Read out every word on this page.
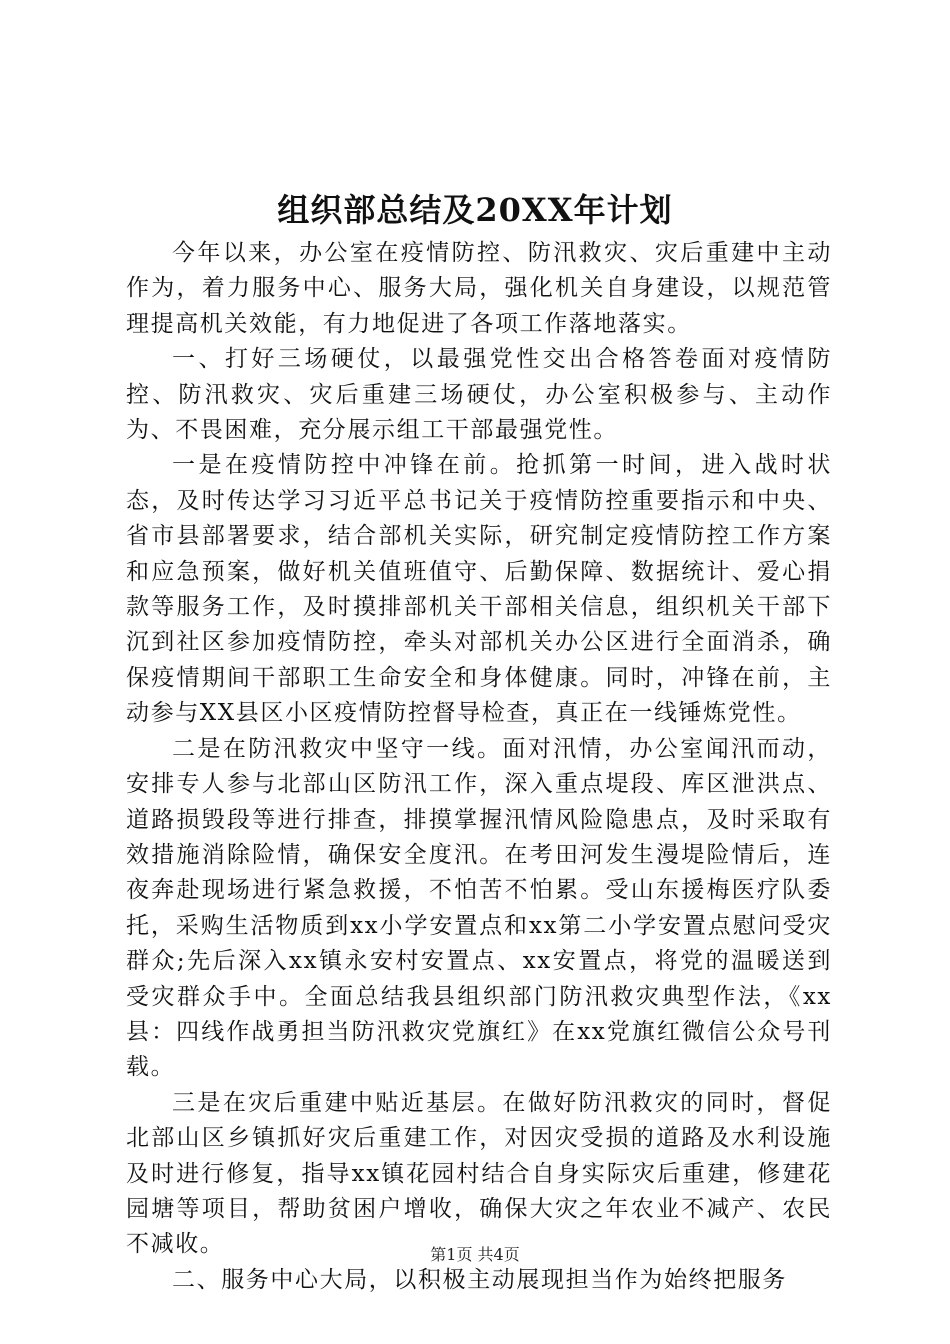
组织部总结及20XX年计划

今年以来，办公室在疫情防控、防汛救灾、灾后重建中主动作为，着力服务中心、服务大局，强化机关自身建设，以规范管理提高机关效能，有力地促进了各项工作落地落实。

一、打好三场硬仗，以最强党性交出合格答卷面对疫情防控、防汛救灾、灾后重建三场硬仗，办公室积极参与、主动作为、不畏困难，充分展示组工干部最强党性。

一是在疫情防控中冲锋在前。抢抓第一时间，进入战时状态，及时传达学习习近平总书记关于疫情防控重要指示和中央、省市县部署要求，结合部机关实际，研究制定疫情防控工作方案和应急预案，做好机关值班值守、后勤保障、数据统计、爱心捐款等服务工作，及时摸排部机关干部相关信息，组织机关干部下沉到社区参加疫情防控，牵头对部机关办公区进行全面消杀，确保疫情期间干部职工生命安全和身体健康。同时，冲锋在前，主动参与XX县区小区疫情防控督导检查，真正在一线锤炼党性。

二是在防汛救灾中坚守一线。面对汛情，办公室闻汛而动，安排专人参与北部山区防汛工作，深入重点堤段、库区泄洪点、道路损毁段等进行排查，排摸掌握汛情风险隐患点，及时采取有效措施消除险情，确保安全度汛。在考田河发生漫堤险情后，连夜奔赴现场进行紧急救援，不怕苦不怕累。受山东援梅医疗队委托，采购生活物质到xx小学安置点和xx第二小学安置点慰问受灾群众;先后深入xx镇永安村安置点、xx安置点，将党的温暖送到受灾群众手中。全面总结我县组织部门防汛救灾典型作法，《xx县：四线作战勇担当防汛救灾党旗红》在xx党旗红微信公众号刊载。

三是在灾后重建中贴近基层。在做好防汛救灾的同时，督促北部山区乡镇抓好灾后重建工作，对因灾受损的道路及水利设施及时进行修复，指导xx镇花园村结合自身实际灾后重建，修建花园塘等项目，帮助贫困户增收，确保大灾之年农业不减产、农民不减收。

二、服务中心大局，以积极主动展现担当作为始终把服务

第1页 共4页
